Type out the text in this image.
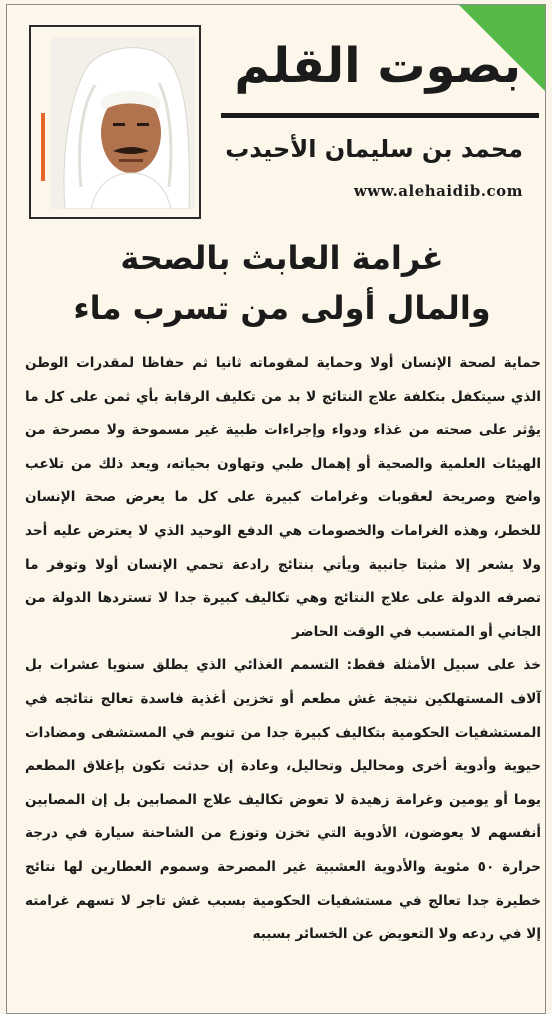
بصوت القلم
محمد بن سليمان الأحيدب
www.alehaidib.com
غرامة العابث بالصحة
والمال أولى من تسرب ماء

حماية لصحة الإنسان أولا وحماية لمقوماته ثانيا ثم حفاظا لمقدرات الوطن الذي سيتكفل بتكلفة علاج النتائج لا بد من تكليف الرقابة بأي ثمن على كل ما يؤثر على صحته من غذاء ودواء وإجراءات طبية غير مسموحة ولا مصرحة من الهيئات العلمية والصحية أو إهمال طبي وتهاون بحياته، ويعد ذلك من تلاعب واضح وصريحة لعقوبات وغرامات كبيرة على كل ما يعرض صحة الإنسان للخطر، وهذه الغرامات والخصومات هي الدفع الوحيد الذي لا يعترض عليه أحد ولا يشعر إلا مثبتا جانبية ويأتي بنتائج رادعة تحمي الإنسان أولا وتوفر ما تصرفه الدولة على علاج النتائج وهي تكاليف كبيرة جدا لا تستردها الدولة من الجاني أو المتسبب في الوقت الحاضر

خذ على سبيل الأمثلة فقط: التسمم الغذائي الذي يطلق سنويا عشرات بل آلاف المستهلكين نتيجة غش مطعم أو تخزين أغذية فاسدة تعالج نتائجه في المستشفيات الحكومية بتكاليف كبيرة جدا من تنويم في المستشفى ومضادات حيوية وأدوية أخرى ومحاليل وتحاليل، وعادة إن حدثت تكون بإغلاق المطعم يوما أو يومين وغرامة زهيدة لا تعوض تكاليف علاج المصابين بل إن المصابين أنفسهم لا يعوضون، الأدوية التي تخزن وتوزع من الشاحنة سيارة في درجة حرارة ٥٠ مئوية والأدوية العشبية غير المصرحة وسموم العطارين لها نتائج خطيرة جدا تعالج في مستشفيات الحكومية بسبب غش تاجر لا تسهم غرامته إلا في ردعه ولا التعويض عن الخسائر بسببه
